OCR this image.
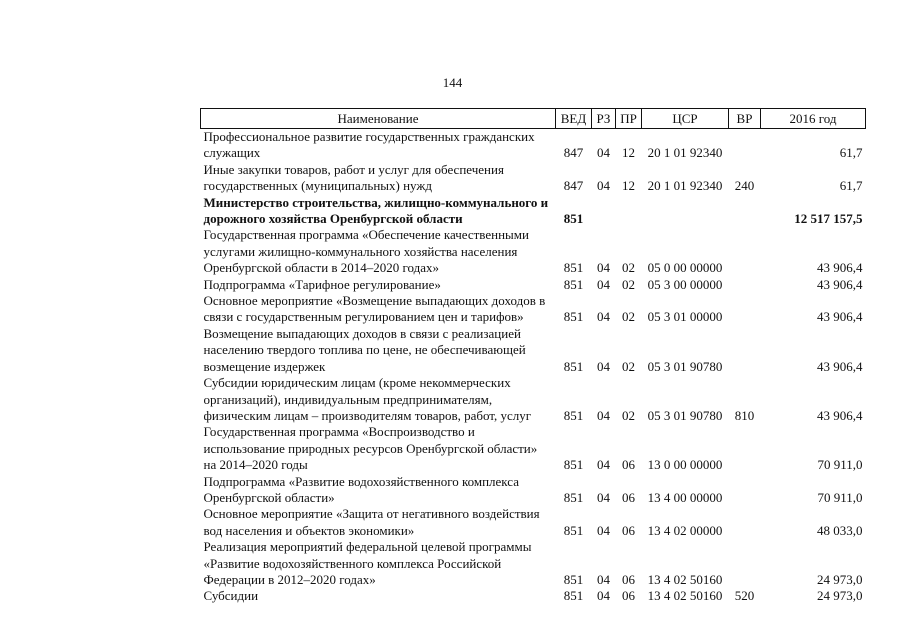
144
Наименование	ВЕД	РЗ	ПР	ЦСР	ВР	2016 год
Профессиональное развитие государственных гражданских служащих	847	04	12	20 1 01 92340		61,7
Иные закупки товаров, работ и услуг для обеспечения государственных (муниципальных) нужд	847	04	12	20 1 01 92340	240	61,7
Министерство строительства, жилищно-коммунального и дорожного хозяйства Оренбургской области	851					12 517 157,5
Государственная программа «Обеспечение качественными услугами жилищно-коммунального хозяйства населения Оренбургской области в 2014–2020 годах»	851	04	02	05 0 00 00000		43 906,4
Подпрограмма «Тарифное регулирование»	851	04	02	05 3 00 00000		43 906,4
Основное мероприятие «Возмещение выпадающих доходов в связи с государственным регулированием цен и тарифов»	851	04	02	05 3 01 00000		43 906,4
Возмещение выпадающих доходов в связи с реализацией населению твердого топлива по цене, не обеспечивающей возмещение издержек	851	04	02	05 3 01 90780		43 906,4
Субсидии юридическим лицам (кроме некоммерческих организаций), индивидуальным предпринимателям, физическим лицам – производителям товаров, работ, услуг	851	04	02	05 3 01 90780	810	43 906,4
Государственная программа «Воспроизводство и использование природных ресурсов Оренбургской области» на 2014–2020 годы	851	04	06	13 0 00 00000		70 911,0
Подпрограмма «Развитие водохозяйственного комплекса Оренбургской области»	851	04	06	13 4 00 00000		70 911,0
Основное мероприятие «Защита от негативного воздействия вод населения и объектов экономики»	851	04	06	13 4 02 00000		48 033,0
Реализация мероприятий федеральной целевой программы «Развитие водохозяйственного комплекса Российской Федерации в 2012–2020 годах»	851	04	06	13 4 02 50160		24 973,0
Субсидии	851	04	06	13 4 02 50160	520	24 973,0
